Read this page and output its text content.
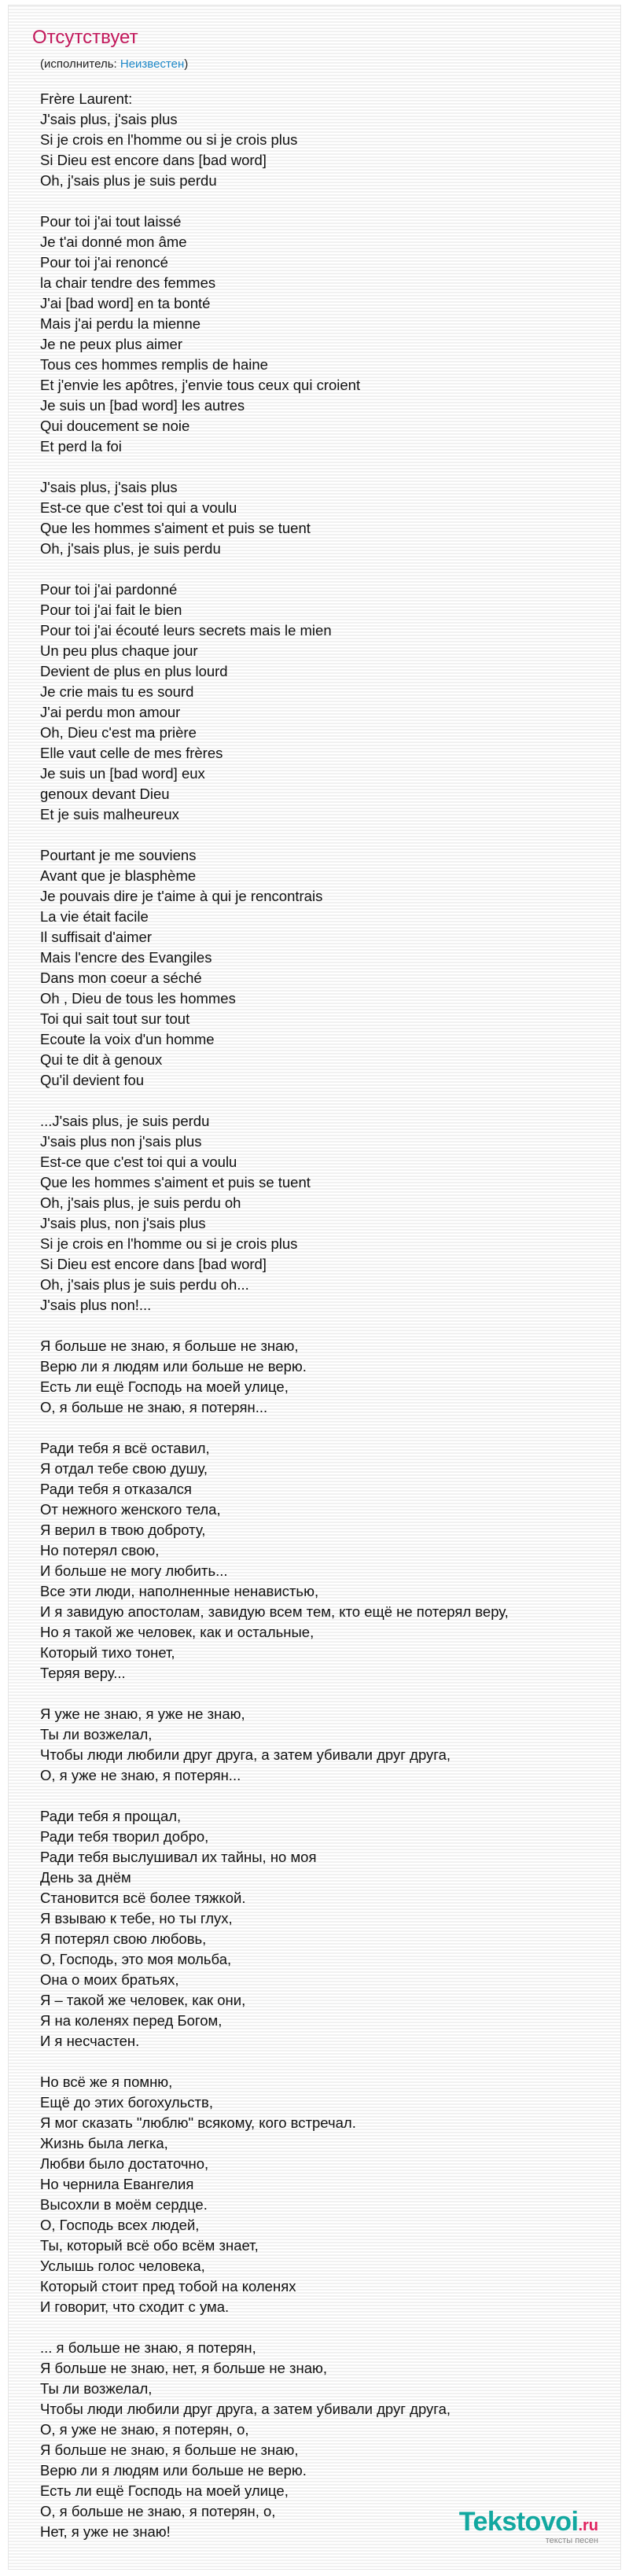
Отсутствует
(исполнитель: Неизвестен)
Frère Laurent:
J'sais plus, j'sais plus
Si je crois en l'homme ou si je crois plus
Si Dieu est encore dans [bad word]
Oh, j'sais plus je suis perdu

Pour toi j'ai tout laissé
Je t'ai donné mon âme
Pour toi j'ai renoncé
la chair tendre des femmes
J'ai [bad word] en ta bonté
Mais j'ai perdu la mienne
Je ne peux plus aimer
Tous ces hommes remplis de haine
Et j'envie les apôtres, j'envie tous ceux qui croient
Je suis un [bad word] les autres
Qui doucement se noie
Et perd la foi

J'sais plus, j'sais plus
Est-ce que c'est toi qui a voulu
Que les hommes s'aiment et puis se tuent
Oh, j'sais plus, je suis perdu

Pour toi j'ai pardonné
Pour toi j'ai fait le bien
Pour toi j'ai écouté leurs secrets mais le mien
Un peu plus chaque jour
Devient de plus en plus lourd
Je crie mais tu es sourd
J'ai perdu mon amour
Oh, Dieu c'est ma prière
Elle vaut celle de mes frères
Je suis un [bad word] eux
genoux devant Dieu
Et je suis malheureux

Pourtant je me souviens
Avant que je blasphème
Je pouvais dire je t'aime à qui je rencontrais
La vie était facile
Il suffisait d'aimer
Mais l'encre des Evangiles
Dans mon coeur a séché
Oh , Dieu de tous les hommes
Toi qui sait tout sur tout
Ecoute la voix d'un homme
Qui te dit à genoux
Qu'il devient fou

...J'sais plus, je suis perdu
J'sais plus non j'sais plus
Est-ce que c'est toi qui a voulu
Que les hommes s'aiment et puis se tuent
Oh, j'sais plus, je suis perdu oh
J'sais plus, non j'sais plus
Si je crois en l'homme ou si je crois plus
Si Dieu est encore dans [bad word]
Oh, j'sais plus je suis perdu oh...
J'sais plus non!...

Я больше не знаю, я больше не знаю,
Верю ли я людям или больше не верю.
Есть ли ещё Господь на моей улице,
О, я больше не знаю, я потерян...

Ради тебя я всё оставил,
Я отдал тебе свою душу,
Ради тебя я отказался
От нежного женского тела,
Я верил в твою доброту,
Но потерял свою,
И больше не могу любить...
Все эти люди, наполненные ненавистью,
И я завидую апостолам, завидую всем тем, кто ещё не потерял веру,
Но я такой же человек, как и остальные,
Который тихо тонет,
Теряя веру...

Я уже не знаю, я уже не знаю,
Ты ли возжелал,
Чтобы люди любили друг друга, а затем убивали друг друга,
О, я уже не знаю, я потерян...

Ради тебя я прощал,
Ради тебя творил добро,
Ради тебя выслушивал их тайны, но моя
День за днём
Становится всё более тяжкой.
Я взываю к тебе, но ты глух,
Я потерял свою любовь,
О, Господь, это моя мольба,
Она о моих братьях,
Я – такой же человек, как они,
Я на коленях перед Богом,
И я несчастен.

Но всё же я помню,
Ещё до этих богохульств,
Я мог сказать "люблю" всякому, кого встречал.
Жизнь была легка,
Любви было достаточно,
Но чернила Евангелия
Высохли в моём сердце.
О, Господь всех людей,
Ты, который всё обо всём знает,
Услышь голос человека,
Который стоит пред тобой на коленях
И говорит, что сходит с ума.

... я больше не знаю, я потерян,
Я больше не знаю, нет, я больше не знаю,
Ты ли возжелал,
Чтобы люди любили друг друга, а затем убивали друг друга,
О, я уже не знаю, я потерян, о,
Я больше не знаю, я больше не знаю,
Верю ли я людям или больше не верю.
Есть ли ещё Господь на моей улице,
О, я больше не знаю, я потерян, о,
Нет, я уже не знаю!	Tekstovoi.ru
тексты песен
